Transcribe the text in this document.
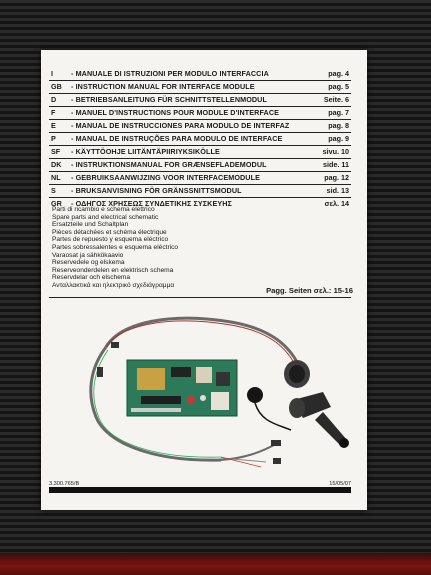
I	- MANUALE DI ISTRUZIONI PER MODULO INTERFACCIA	pag. 4
GB - INSTRUCTION MANUAL FOR INTERFACE MODULE	pag. 5
D - BETRIEBSANLEITUNG FÜR SCHNITTSTELLENMODUL	Seite. 6
F - MANUEL D'INSTRUCTIONS POUR MODULE D'INTERFACE	pag. 7
E - MANUAL DE INSTRUCCIONES PARA MODULO DE INTERFAZ	pag. 8
P - MANUAL DE INSTRUÇÕES PARA MODULO DE INTERFACE	pag. 9
SF - KÄYTTÖOHJE LIITÄNTÄPIIRIYKSIKÖLLE	sivu. 10
DK - INSTRUKTIONSMANUAL FOR GRÆNSEFLADEMODUL	side. 11
NL - GEBRUIKSAANWIJZING VOOR INTERFACEMODULE	pag. 12
S - BRUKSANVISNING FÖR GRÄNSSNITTSMODUL	sid. 13
GR - ΟΔΗΓΟΣ ΧΡΗΣΕΩΣ ΣΥΝΔΕΤΙΚΗΣ ΣΥΣΚΕΥΗΣ	σελ. 14
Parti di ricambio e schema elettrico
Spare parts and electrical schematic
Ersatzteile und Schaltplan
Pièces détachées et schéma électrique
Partes de repuesto y esquema eléctrico
Partes sobressalentes e esquema eléctrico
Varaosat ja sähkökaavio
Reservedele og elskema
Reserveonderdelen en elektrisch schema
Reservdelar och elschema
Ανταλλακτικά και ηλεκτρικό σχεδιάγραμμα
Pagg. Seiten σελ.: 15-16
3.300.765/B	15/05/07
